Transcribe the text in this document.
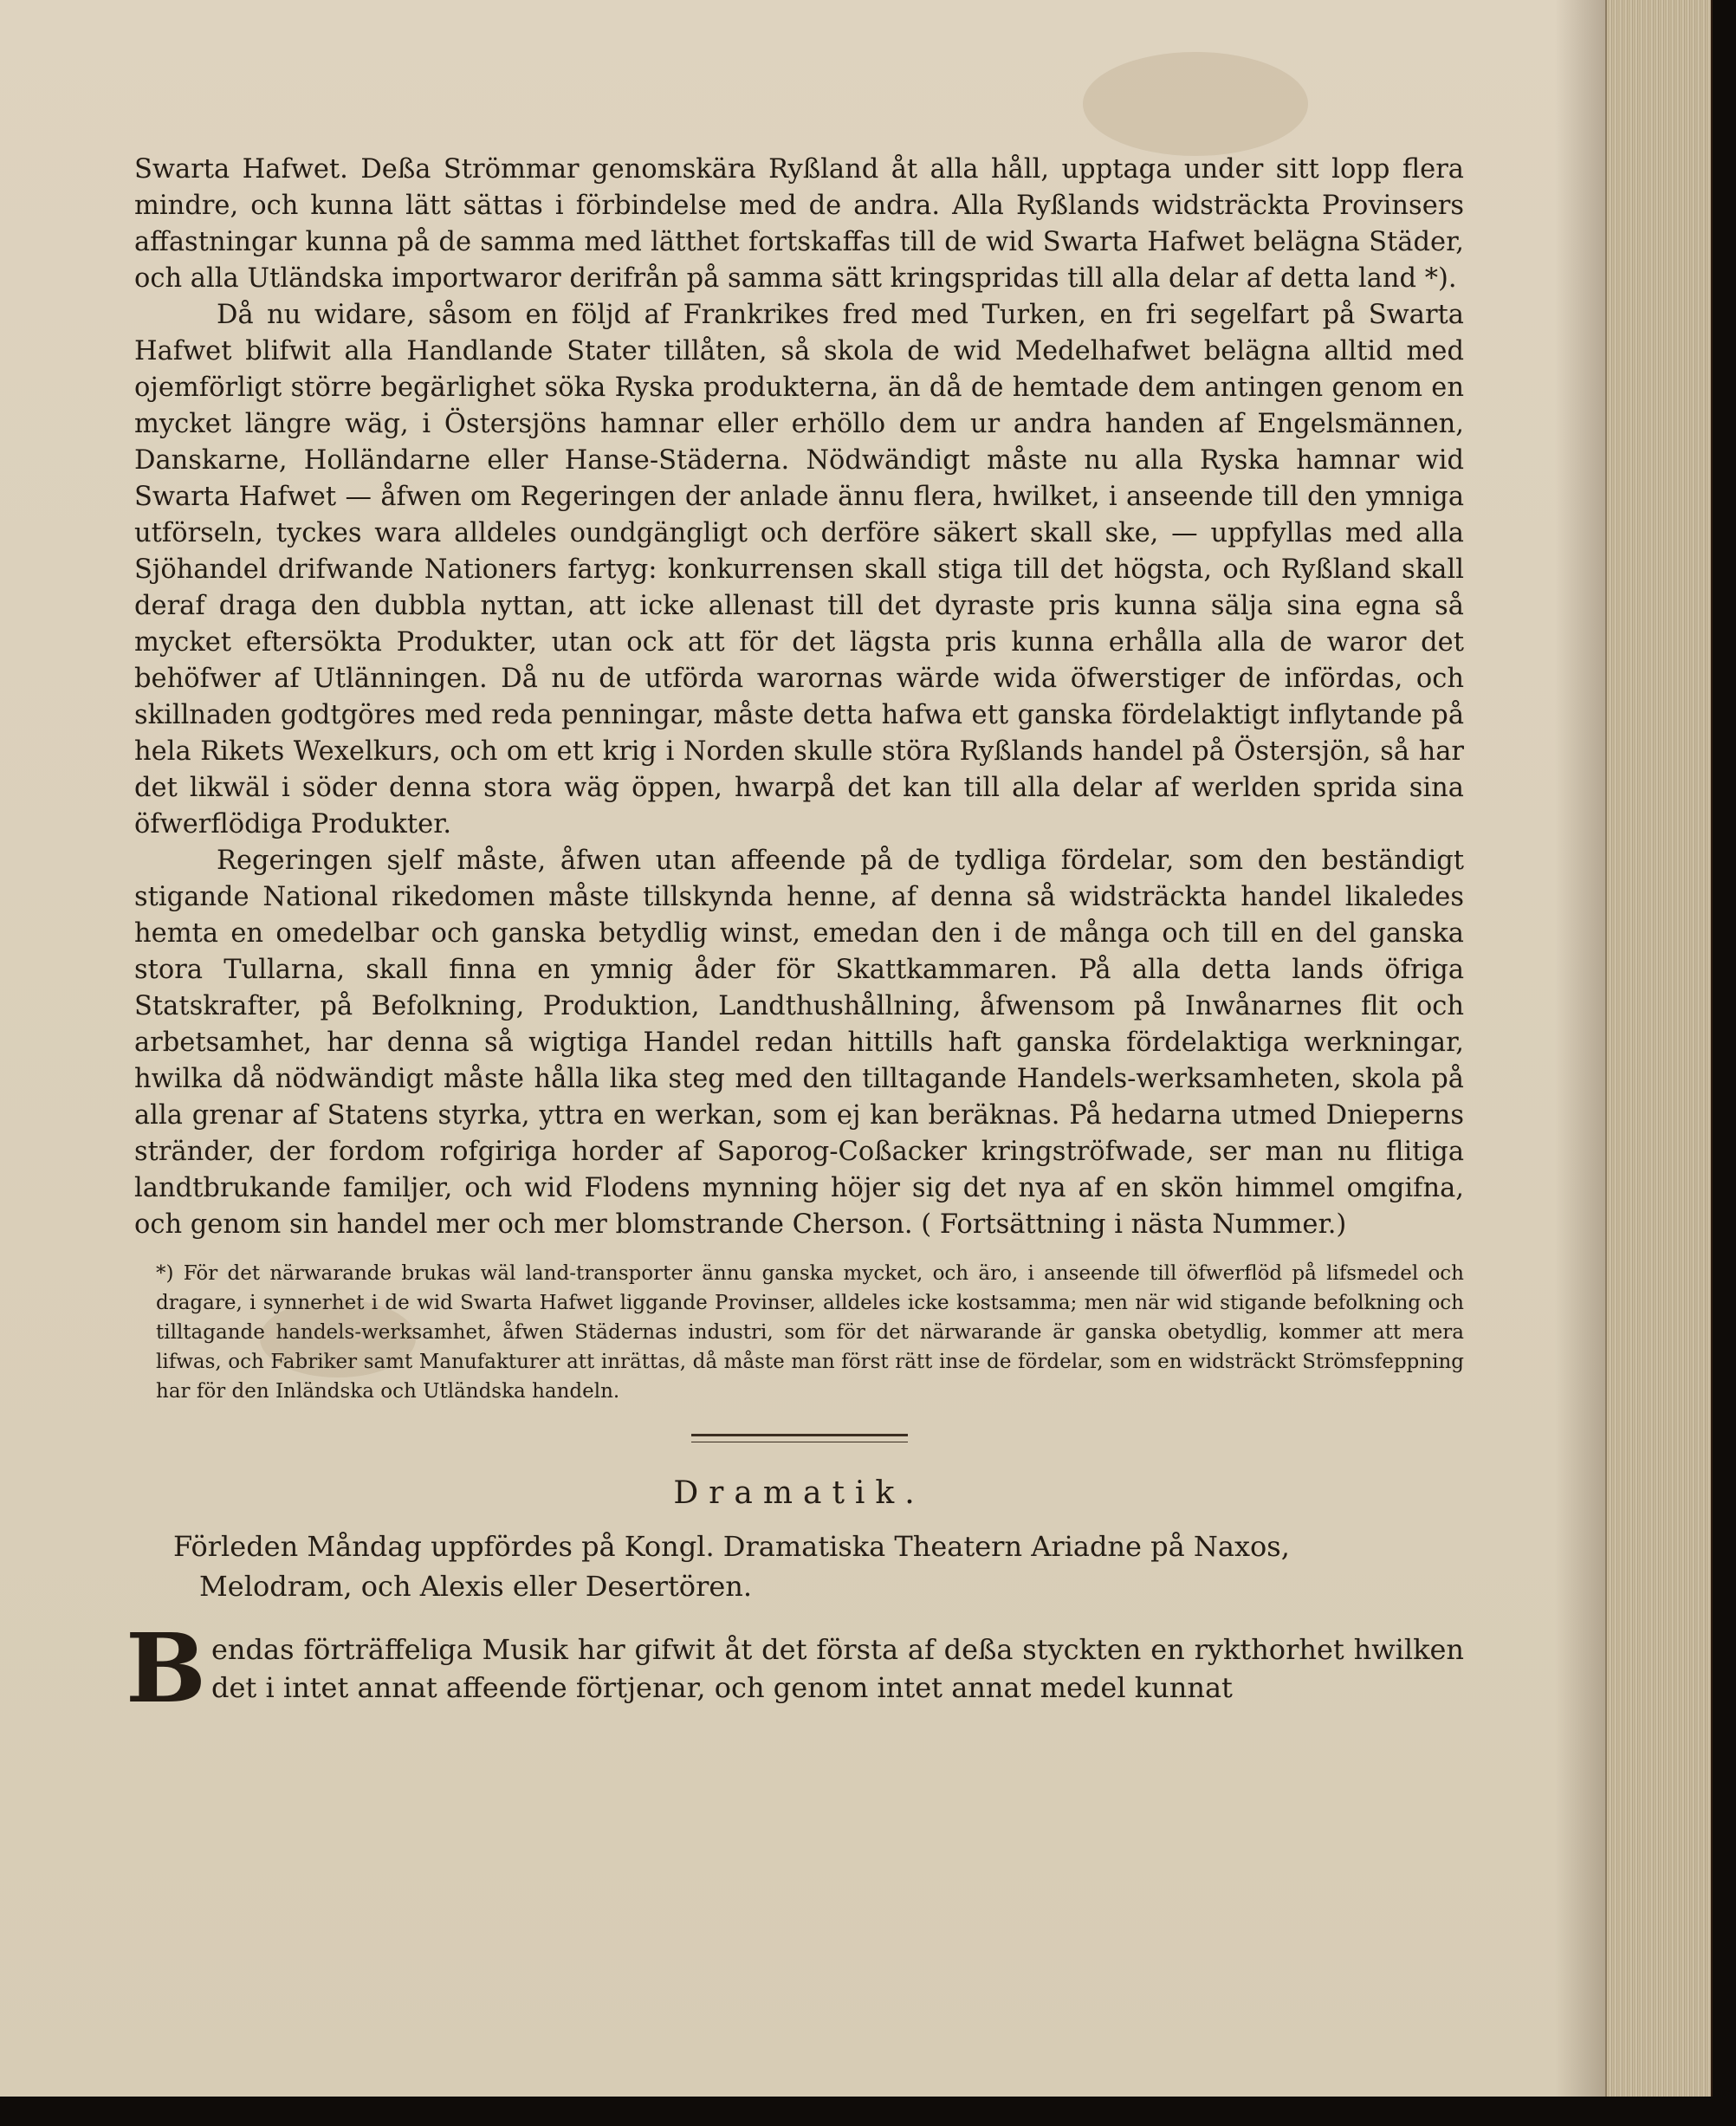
Swarta Hafwet. Deßa Strömmar genomskära Ryßland åt alla håll, upptaga under sitt lopp flera mindre, och kunna lätt sättas i förbindelse med de andra. Alla Ryßlands widsträckta Provinsers affastningar kunna på de samma med lätthet fortskaffas till de wid Swarta Hafwet belägna Städer, och alla Utländska importwaror derifrån på samma sätt kringspridas till alla delar af detta land *).

Då nu widare, såsom en följd af Frankrikes fred med Turken, en fri segelfart på Swarta Hafwet blifwit alla Handlande Stater tillåten, så skola de wid Medelhafwet belägna alltid med ojemförligt större begärlighet söka Ryska produkterna, än då de hemtade dem antingen genom en mycket längre wäg, i Östersjöns hamnar eller erhöllo dem ur andra handen af Engelsmännen, Danskarne, Holländarne eller Hanse-Städerna. Nödwändigt måste nu alla Ryska hamnar wid Swarta Hafwet — åfwen om Regeringen der anlade ännu flera, hwilket, i anseende till den ymniga utförseln, tyckes wara alldeles oundgängligt och derföre säkert skall ske, — uppfyllas med alla Sjöhandel drifwande Nationers fartyg: konkurrensen skall stiga till det högsta, och Ryßland skall deraf draga den dubbla nyttan, att icke allenast till det dyraste pris kunna sälja sina egna så mycket eftersökta Produkter, utan ock att för det lägsta pris kunna erhålla alla de waror det behöfwer af Utlänningen. Då nu de utförda warornas wärde wida öfwerstiger de infördas, och skillnaden godtgöres med reda penningar, måste detta hafwa ett ganska fördelaktigt inflytande på hela Rikets Wexelkurs, och om ett krig i Norden skulle störa Ryßlands handel på Östersjön, så har det likwäl i söder denna stora wäg öppen, hwarpå det kan till alla delar af werlden sprida sina öfwerflödiga Produkter.

Regeringen sjelf måste, åfwen utan affeende på de tydliga fördelar, som den beständigt stigande National rikedomen måste tillskynda henne, af denna så widsträckta handel likaledes hemta en omedelbar och ganska betydlig winst, emedan den i de många och till en del ganska stora Tullarna, skall finna en ymnig åder för Skattkammaren. På alla detta lands öfriga Statskrafter, på Befolkning, Produktion, Landthushållning, åfwensom på Inwånarnes flit och arbetsamhet, har denna så wigtiga Handel redan hittills haft ganska fördelaktiga werkningar, hwilka då nödwändigt måste hålla lika steg med den tilltagande Handels-werksamheten, skola på alla grenar af Statens styrka, yttra en werkan, som ej kan beräknas. På hedarna utmed Dnieperns stränder, der fordom rofgiriga horder af Saporog-Coßacker kringströfwade, ser man nu flitiga landtbrukande familjer, och wid Flodens mynning höjer sig det nya af en skön himmel omgifna, och genom sin handel mer och mer blomstrande Cherson. ( Fortsättning i nästa Nummer.)

*) För det närwarande brukas wäl land-transporter ännu ganska mycket, och äro, i anseende till öfwerflöd på lifsmedel och dragare, i synnerhet i de wid Swarta Hafwet liggande Provinser, alldeles icke kostsamma; men när wid stigande befolkning och tilltagande handels-werksamhet, åfwen Städernas industri, som för det närwarande är ganska obetydlig, kommer att mera lifwas, och Fabriker samt Manufakturer att inrättas, då måste man först rätt inse de fördelar, som en widsträckt Strömsfeppning har för den Inländska och Utländska handeln.
Dramatik.

Förleden Måndag uppfördes på Kongl. Dramatiska Theatern Ariadne på Naxos,

Melodram, och Alexis eller Desertören.

B endas förträffeliga Musik har gifwit åt det första af deßa styckten en rykthorhet hwilken det i intet annat affeende förtjenar, och genom intet annat medel kunnat
